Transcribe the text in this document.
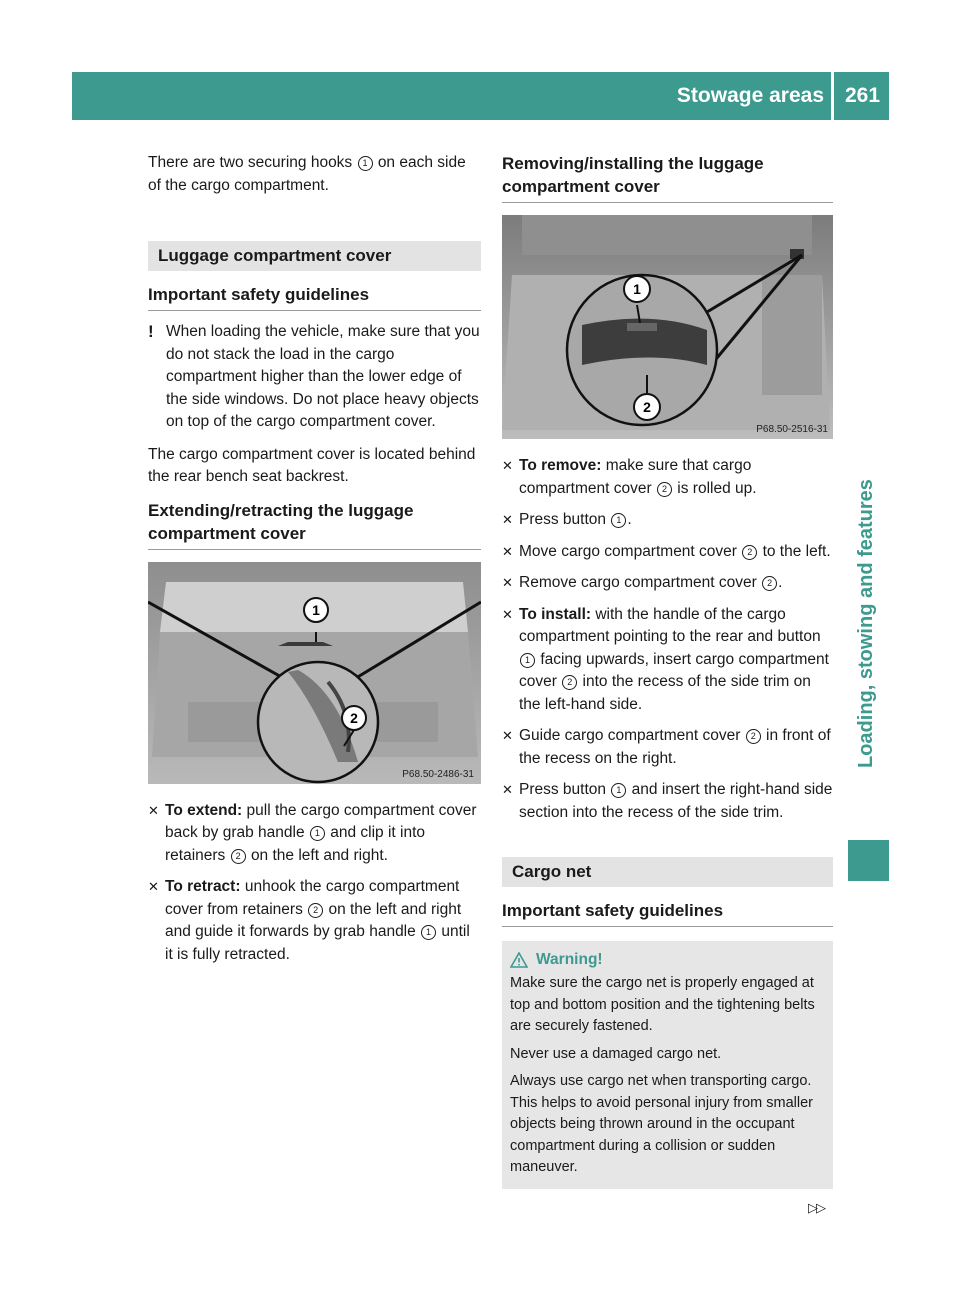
Stowage areas 261
Loading, stowing and features

There are two securing hooks 1 on each side of the cargo compartment.

Luggage compartment cover
Important safety guidelines
! When loading the vehicle, make sure that you do not stack the load in the cargo compartment higher than the lower edge of the side windows. Do not place heavy objects on top of the cargo compartment cover.

The cargo compartment cover is located behind the rear bench seat backrest.

Extending/retracting the luggage compartment cover
1
2
P68.50-2486-31
✕ To extend: pull the cargo compartment cover back by grab handle 1 and clip it into retainers 2 on the left and right.

✕ To retract: unhook the cargo compartment cover from retainers 2 on the left and right and guide it forwards by grab handle 1 until it is fully retracted.

Removing/installing the luggage compartment cover
1
2
P68.50-2516-31
✕ To remove: make sure that cargo compartment cover 2 is rolled up.

✕ Press button 1 .

✕ Move cargo compartment cover 2 to the left.

✕ Remove cargo compartment cover 2 .

✕ To install: with the handle of the cargo compartment pointing to the rear and button 1 facing upwards, insert cargo compartment cover 2 into the recess of the side trim on the left-hand side.

✕ Guide cargo compartment cover 2 in front of the recess on the right.

✕ Press button 1 and insert the right-hand side section into the recess of the side trim.

Cargo net
Important safety guidelines
Warning!

Make sure the cargo net is properly engaged at top and bottom position and the tightening belts are securely fastened.

Never use a damaged cargo net.

Always use cargo net when transporting cargo. This helps to avoid personal injury from smaller objects being thrown around in the occupant compartment during a collision or sudden maneuver.

▷▷
